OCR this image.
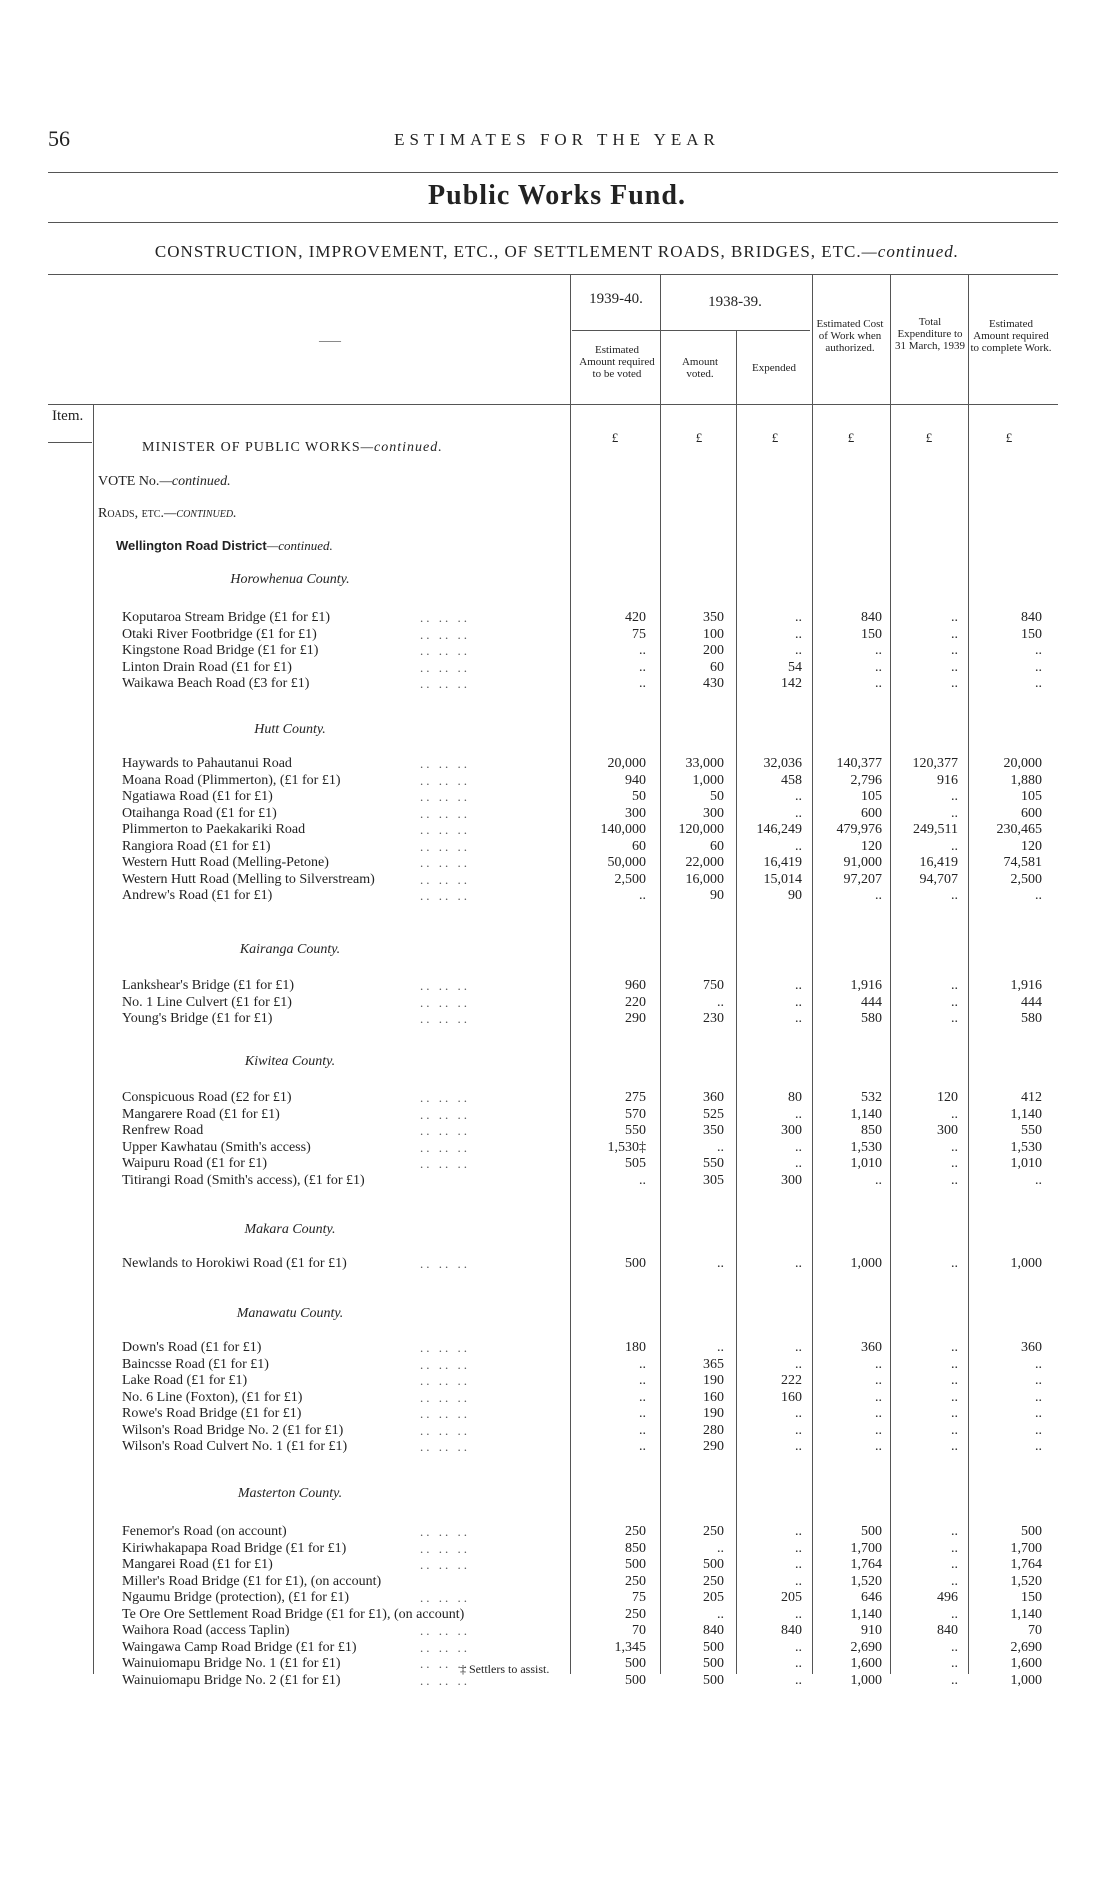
56	ESTIMATES FOR THE YEAR
Public Works Fund.
CONSTRUCTION, IMPROVEMENT, ETC., OF SETTLEMENT ROADS, BRIDGES, ETC.—continued.
——
1939-40.	1938-39.
Estimated Amount required to be voted
Amount voted.	Expended
Estimated Cost of Work when authorized.
Total Expenditure to 31 March, 1939
Estimated Amount required to complete Work.
Item.
£	£	£	£	£	£
MINISTER OF PUBLIC WORKS—continued.
VOTE No.—continued.
Roads, etc.—continued.
Wellington Road District—continued.
Horowhenua County.
Koputaroa Stream Bridge (£1 for £1)	.. .. ..	420	350	..	840	..	840
Otaki River Footbridge (£1 for £1)	.. .. ..	75	100	..	150	..	150
Kingstone Road Bridge (£1 for £1)	.. .. ..	..	200	..	..	..	..
Linton Drain Road (£1 for £1)	.. .. ..	..	60	54	..	..	..
Waikawa Beach Road (£3 for £1)	.. .. ..	..	430	142	..	..	..
Hutt County.
Haywards to Pahautanui Road	.. .. ..	20,000	33,000	32,036	140,377	120,377	20,000
Moana Road (Plimmerton), (£1 for £1)	.. .. ..	940	1,000	458	2,796	916	1,880
Ngatiawa Road (£1 for £1)	.. .. ..	50	50	..	105	..	105
Otaihanga Road (£1 for £1)	.. .. ..	300	300	..	600	..	600
Plimmerton to Paekakariki Road	.. .. ..	140,000	120,000	146,249	479,976	249,511	230,465
Rangiora Road (£1 for £1)	.. .. ..	60	60	..	120	..	120
Western Hutt Road (Melling-Petone)	.. .. ..	50,000	22,000	16,419	91,000	16,419	74,581
Western Hutt Road (Melling to Silverstream)	.. .. ..	2,500	16,000	15,014	97,207	94,707	2,500
Andrew's Road (£1 for £1)	.. .. ..	..	90	90	..	..	..
Kairanga County.
Lankshear's Bridge (£1 for £1)	.. .. ..	960	750	..	1,916	..	1,916
No. 1 Line Culvert (£1 for £1)	.. .. ..	220	..	..	444	..	444
Young's Bridge (£1 for £1)	.. .. ..	290	230	..	580	..	580
Kiwitea County.
Conspicuous Road (£2 for £1)	.. .. ..	275	360	80	532	120	412
Mangarere Road (£1 for £1)	.. .. ..	570	525	..	1,140	..	1,140
Renfrew Road	.. .. ..	550	350	300	850	300	550
Upper Kawhatau (Smith's access)	.. .. ..	1,530‡	..	..	1,530	..	1,530
Waipuru Road (£1 for £1)	.. .. ..	505	550	..	1,010	..	1,010
Titirangi Road (Smith's access), (£1 for £1)	..	305	300	..	..	..
Makara County.
Newlands to Horokiwi Road (£1 for £1)	.. .. ..	500	..	..	1,000	..	1,000
Manawatu County.
Down's Road (£1 for £1)	.. .. ..	180	..	..	360	..	360
Baincsse Road (£1 for £1)	.. .. ..	..	365	..	..	..	..
Lake Road (£1 for £1)	.. .. ..	..	190	222	..	..	..
No. 6 Line (Foxton), (£1 for £1)	.. .. ..	..	160	160	..	..	..
Rowe's Road Bridge (£1 for £1)	.. .. ..	..	190	..	..	..	..
Wilson's Road Bridge No. 2 (£1 for £1)	.. .. ..	..	280	..	..	..	..
Wilson's Road Culvert No. 1 (£1 for £1)	.. .. ..	..	290	..	..	..	..
Masterton County.
Fenemor's Road (on account)	.. .. ..	250	250	..	500	..	500
Kiriwhakapapa Road Bridge (£1 for £1)	.. .. ..	850	..	..	1,700	..	1,700
Mangarei Road (£1 for £1)	.. .. ..	500	500	..	1,764	..	1,764
Miller's Road Bridge (£1 for £1), (on account)	250	250	..	1,520	..	1,520
Ngaumu Bridge (protection), (£1 for £1)	.. .. ..	75	205	205	646	496	150
Te Ore Ore Settlement Road Bridge (£1 for £1), (on account)	250	..	..	1,140	..	1,140
Waihora Road (access Taplin)	.. .. ..	70	840	840	910	840	70
Waingawa Camp Road Bridge (£1 for £1)	.. .. ..	1,345	500	..	2,690	..	2,690
Wainuiomapu Bridge No. 1 (£1 for £1)	.. .. ..	500	500	..	1,600	..	1,600
Wainuiomapu Bridge No. 2 (£1 for £1)	.. .. ..	500	500	..	1,000	..	1,000
‡ Settlers to assist.
